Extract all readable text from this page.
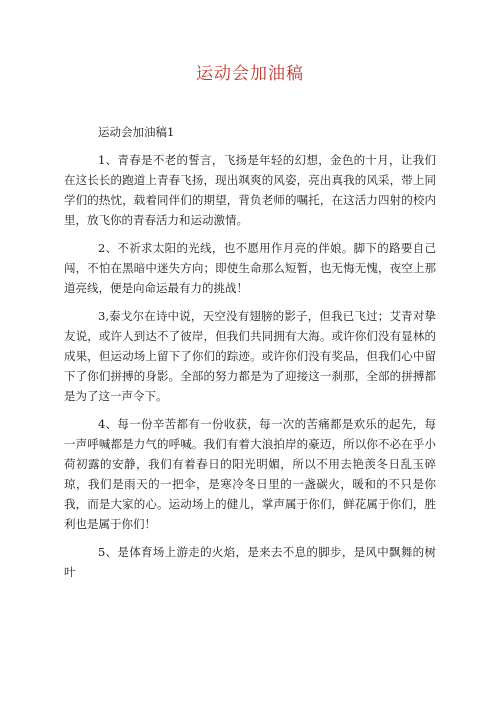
运动会加油稿

运动会加油稿1

1、青春是不老的誓言，飞扬是年轻的幻想，金色的十月，让我们在这长长的跑道上青春飞扬，现出飒爽的风姿，亮出真我的风采，带上同学们的热忱，载着同伴们的期望，背负老师的嘱托，在这活力四射的校内里，放飞你的青春活力和运动激情。

2、不祈求太阳的光线，也不愿用作月亮的伴娘。脚下的路要自己闯，不怕在黑暗中迷失方向；即使生命那么短暂，也无悔无愧，夜空上那道亮线，便是向命运最有力的挑战！

3,泰戈尔在诗中说，天空没有翅膀的影子，但我已飞过；艾青对挚友说，或许人到达不了彼岸，但我们共同拥有大海。或许你们没有显林的成果，但运动场上留下了你们的踪迹。或许你们没有奖品，但我们心中留下了你们拼搏的身影。全部的努力都是为了迎接这一刹那，全部的拼搏都是为了这一声令下。

4、每一份辛苦都有一份收获，每一次的苦痛都是欢乐的起先，每一声呼喊都是力气的呼喊。我们有着大浪拍岸的豪迈，所以你不必在乎小荷初露的安静，我们有着春日的阳光明媚，所以不用去艳羡冬日乱玉碎琼，我们是雨天的一把伞，是寒冷冬日里的一盏碳火，暖和的不只是你我，而是大家的心。运动场上的健儿，掌声属于你们，鲜花属于你们，胜利也是属于你们！

5、是体育场上游走的火焰，是来去不息的脚步，是风中飘舞的树叶
